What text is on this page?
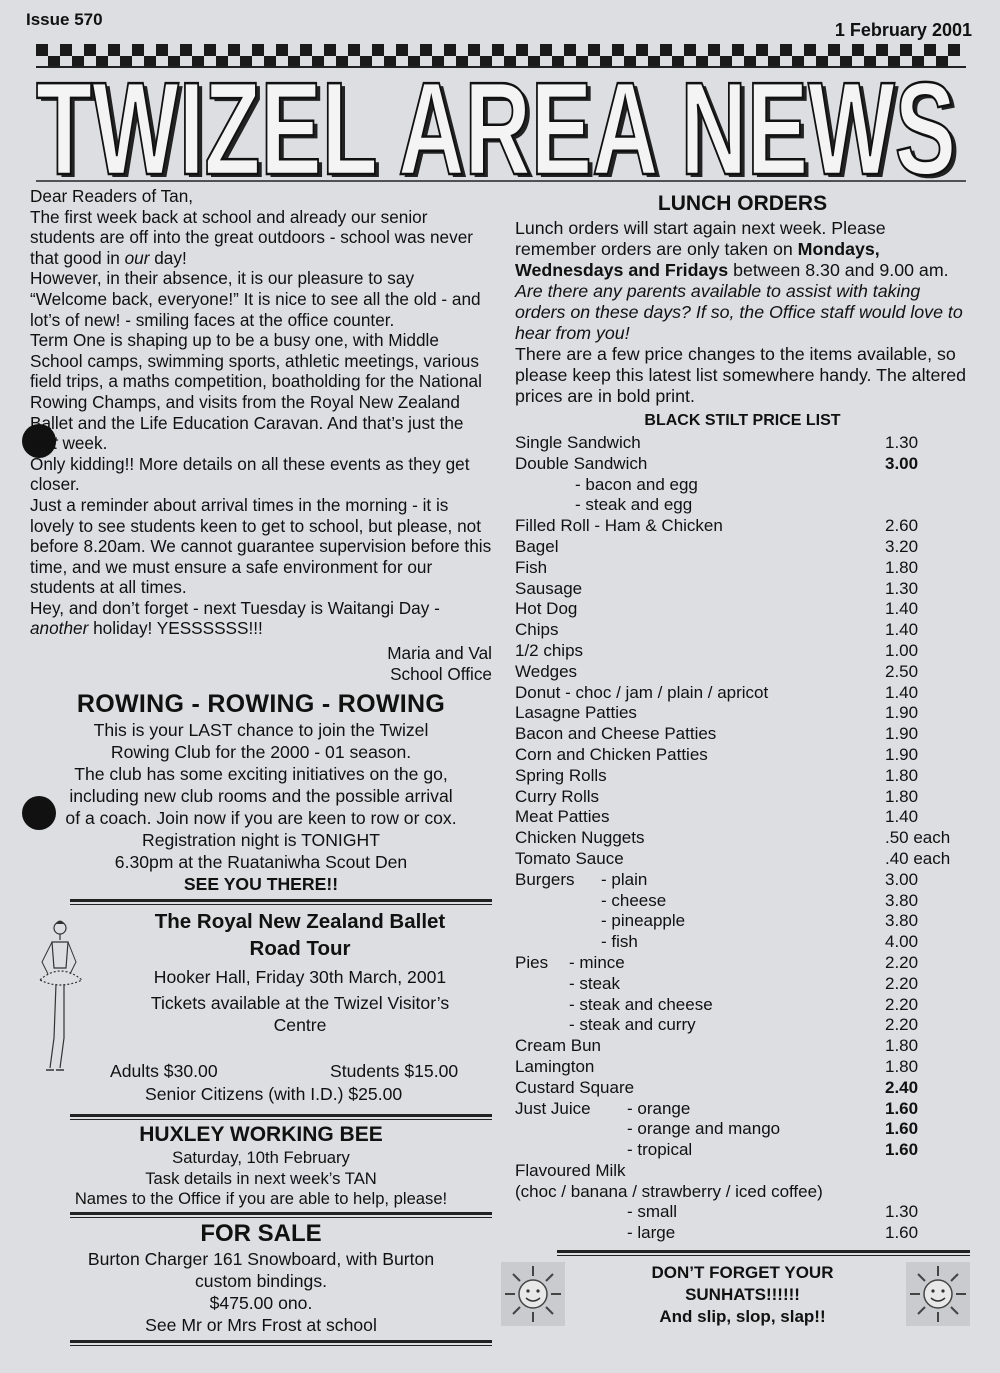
Issue 570
1 February 2001
TWIZEL AREA NEWS
TWIZEL AREA NEWS

Dear Readers of Tan,

The first week back at school and already our senior students are off into the great outdoors - school was never that good in our day!

However, in their absence, it is our pleasure to say “Welcome back, everyone!” It is nice to see all the old - and lot’s of new! - smiling faces at the office counter.

Term One is shaping up to be a busy one, with Middle School camps, swimming sports, athletic meetings, various field trips, a maths competition, boatholding for the National Rowing Champs, and visits from the Royal New Zealand Ballet and the Life Education Caravan. And that’s just the first week.

Only kidding!! More details on all these events as they get closer.

Just a reminder about arrival times in the morning - it is lovely to see students keen to get to school, but please, not before 8.20am. We cannot guarantee supervision before this time, and we must ensure a safe environment for our students at all times.

Hey, and don’t forget - next Tuesday is Waitangi Day - another holiday! YESSSSSS!!!

Maria and Val

School Office

ROWING - ROWING - ROWING
This is your LAST chance to join the Twizel
Rowing Club for the 2000 - 01 season.
The club has some exciting initiatives on the go,
including new club rooms and the possible arrival
of a coach. Join now if you are keen to row or cox.
Registration night is TONIGHT
6.30pm at the Ruataniwha Scout Den
SEE YOU THERE!!
The Royal New Zealand Ballet
Road Tour
Hooker Hall, Friday 30th March, 2001
Tickets available at the Twizel Visitor’s
Centre
Adults $30.00	Students $15.00
Senior Citizens (with I.D.) $25.00
HUXLEY WORKING BEE
Saturday, 10th February
Task details in next week’s TAN
Names to the Office if you are able to help, please!
FOR SALE
Burton Charger 161 Snowboard, with Burton
custom bindings.
$475.00 ono.
See Mr or Mrs Frost at school
LUNCH ORDERS

Lunch orders will start again next week. Please remember orders are only taken on Mondays, Wednesdays and Fridays between 8.30 and 9.00 am. Are there any parents available to assist with taking orders on these days? If so, the Office staff would love to hear from you!

There are a few price changes to the items available, so please keep this latest list somewhere handy. The altered prices are in bold print.

BLACK STILT PRICE LIST
Single Sandwich	1.30
Double Sandwich	3.00
- bacon and egg
- steak and egg
Filled Roll - Ham & Chicken	2.60
Bagel	3.20
Fish	1.80
Sausage	1.30
Hot Dog	1.40
Chips	1.40
1/2 chips	1.00
Wedges	2.50
Donut - choc / jam / plain / apricot	1.40
Lasagne Patties	1.90
Bacon and Cheese Patties	1.90
Corn and Chicken Patties	1.90
Spring Rolls	1.80
Curry Rolls	1.80
Meat Patties	1.40
Chicken Nuggets	.50 each
Tomato Sauce	.40 each
Burgers - plain	3.00
- cheese	3.80
- pineapple	3.80
- fish	4.00
Pies - mince	2.20
- steak	2.20
- steak and cheese	2.20
- steak and curry	2.20
Cream Bun	1.80
Lamington	1.80
Custard Square	2.40
Just Juice - orange	1.60
- orange and mango	1.60
- tropical	1.60
Flavoured Milk
(choc / banana / strawberry / iced coffee)
- small	1.30
- large	1.60
DON’T FORGET YOUR
SUNHATS!!!!!!
And slip, slop, slap!!
